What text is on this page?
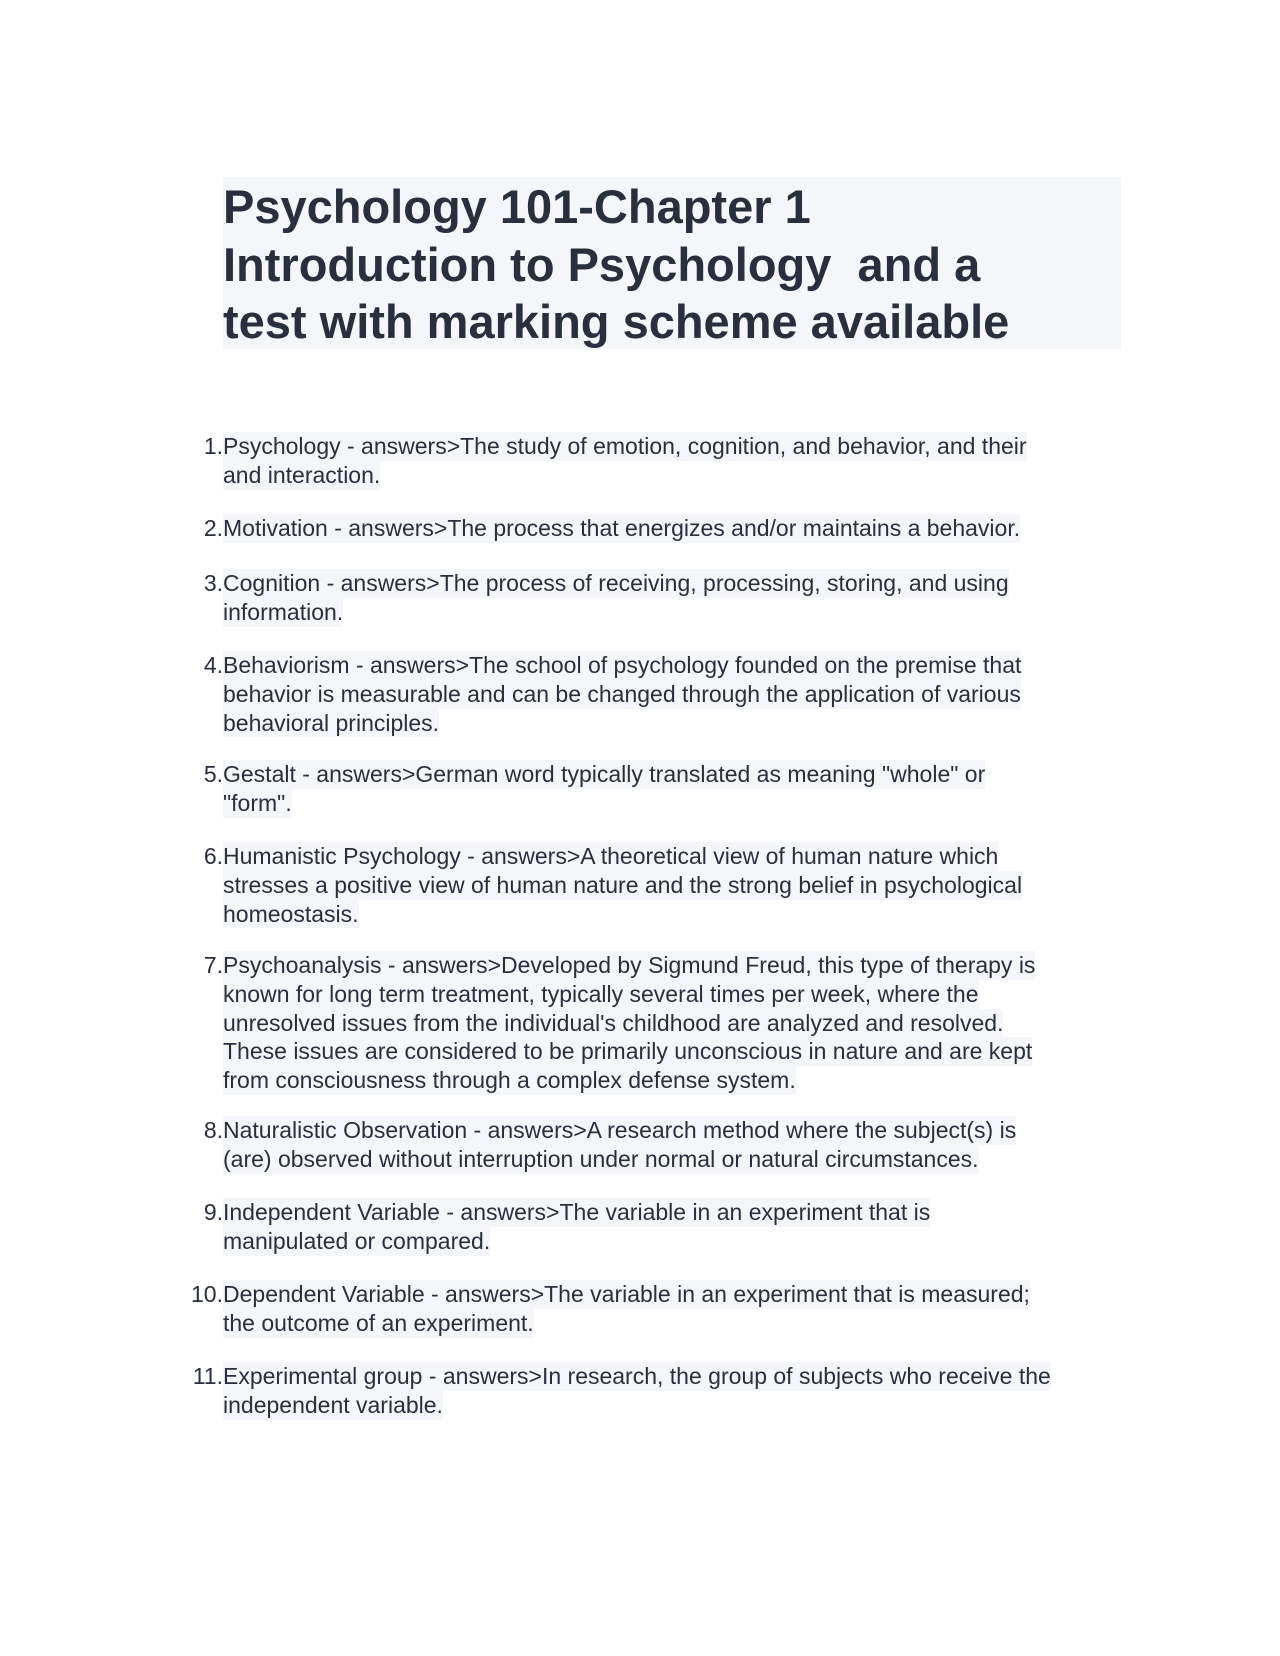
Psychology 101-Chapter 1
Introduction to Psychology  and a
test with marking scheme available
1. Psychology - answers>The study of emotion, cognition, and behavior, and their
and interaction.
2. Motivation - answers>The process that energizes and/or maintains a behavior.
3. Cognition - answers>The process of receiving, processing, storing, and using
information.
4. Behaviorism - answers>The school of psychology founded on the premise that
behavior is measurable and can be changed through the application of various
behavioral principles.
5. Gestalt - answers>German word typically translated as meaning "whole" or
"form".
6. Humanistic Psychology - answers>A theoretical view of human nature which
stresses a positive view of human nature and the strong belief in psychological
homeostasis.
7. Psychoanalysis - answers>Developed by Sigmund Freud, this type of therapy is
known for long term treatment, typically several times per week, where the
unresolved issues from the individual's childhood are analyzed and resolved.
These issues are considered to be primarily unconscious in nature and are kept
from consciousness through a complex defense system.
8. Naturalistic Observation - answers>A research method where the subject(s) is
(are) observed without interruption under normal or natural circumstances.
9. Independent Variable - answers>The variable in an experiment that is
manipulated or compared.
10. Dependent Variable - answers>The variable in an experiment that is measured;
the outcome of an experiment.
11. Experimental group - answers>In research, the group of subjects who receive the
independent variable.
